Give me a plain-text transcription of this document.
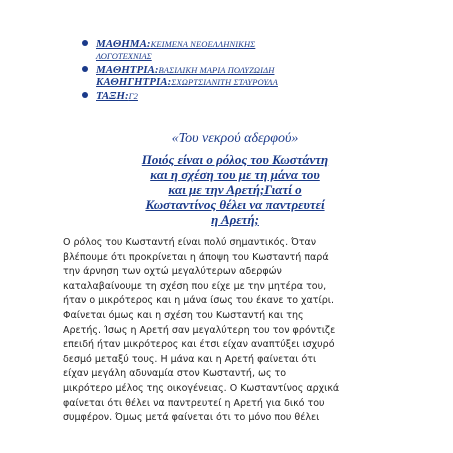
ΜΑΘΗΜΑ:ΚΕΙΜΕΝΑ ΝΕΟΕΛΛΗΝΙΚΗΣ
ΛΟΓΟΤΕΧΝΙΑΣ
ΜΑΘΗΤΡΙΑ:ΒΑΣΙΛΙΚΗ ΜΑΡΙΑ ΠΟΛΥΖΩΙΔΗ
ΚΑΘΗΓΗΤΡΙΑ:ΣΧΩΡΤΣΙΑΝΙΤΗ ΣΤΑΥΡΟΥΛΑ
ΤΑΞΗ:Γ2
«Του νεκρού αδερφού»
Ποιός είναι ο ρόλος του Κωστάντη
και η σχέση του με τη μάνα του
και με την Αρετή;Γιατί ο
Κωσταντίνος θέλει να παντρευτεί
η Αρετή;

Ο ρόλος του Κωσταντή είναι πολύ σημαντικός. Όταν
βλέπουμε ότι προκρίνεται η άποψη του Κωσταντή παρά
την άρνηση των οχτώ μεγαλύτερων αδερφών
καταλαβαίνουμε τη σχέση που είχε με την μητέρα του,
ήταν ο μικρότερος και η μάνα ίσως του έκανε το χατίρι.
Φαίνεται όμως και η σχέση του Κωσταντή και της
Αρετής. Ίσως η Αρετή σαν μεγαλύτερη του τον φρόντιζε
επειδή ήταν μικρότερος και έτσι είχαν αναπτύξει ισχυρό
δεσμό μεταξύ τους. Η μάνα και η Αρετή φαίνεται ότι
είχαν μεγάλη αδυναμία στον Κωσταντή, ως το
μικρότερο μέλος της οικογένειας. Ο Κωσταντίνος αρχικά
φαίνεται ότι θέλει να παντρευτεί η Αρετή για δικό του
συμφέρον. Όμως μετά φαίνεται ότι το μόνο που θέλει
